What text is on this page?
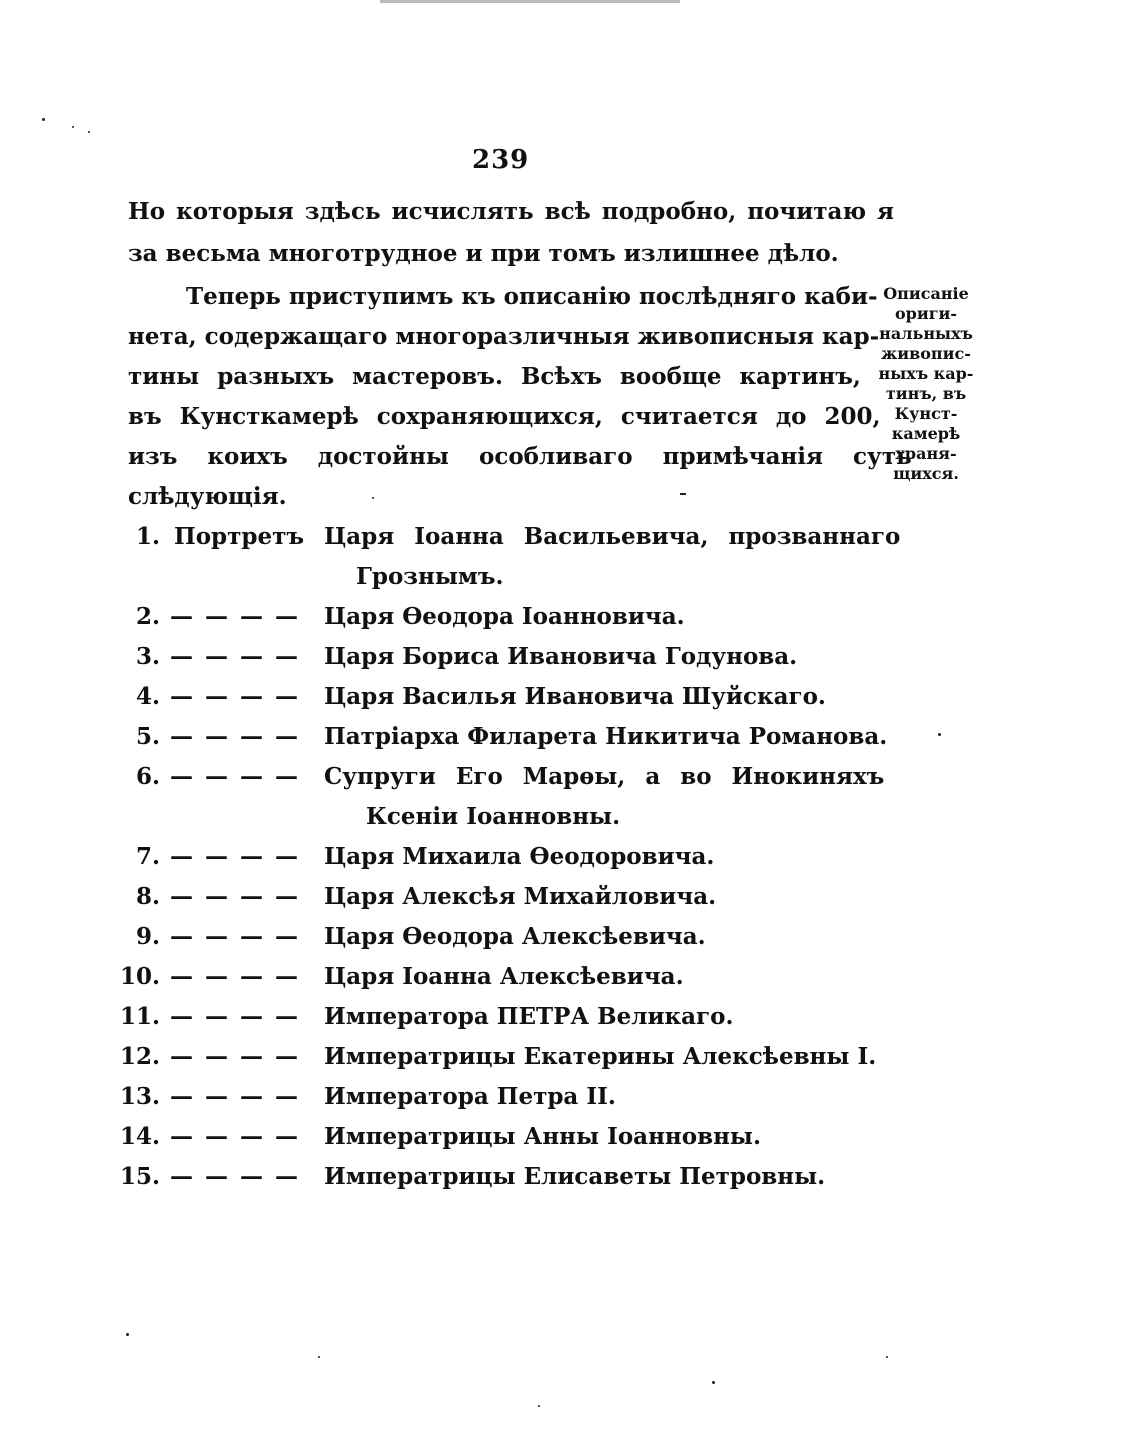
239
Но которыя здѣсь исчислять всѣ подробно, почитаю я
за весьма многотрудное и при томъ излишнее дѣло.
Теперь приступимъ къ описанію послѣдняго каби-
нета, содержащаго многоразличныя живописныя кар-
тины разныхъ мастеровъ. Всѣхъ вообще картинъ,
въ Кунсткамерѣ сохраняющихся, считается до 200,
изъ коихъ достойны особливаго примѣчанія суть
слѣдующія.
Описаніе
ориги-
нальныхъ
живопис-
ныхъ кар-
тинъ, въ
Кунст-
камерѣ
храня-
щихся.
1. Портретъ Царя Іоанна Васильевича, прозваннаго
Грознымъ.
2. — — — — Царя Ѳеодора Іоанновича.
3. — — — — Царя Бориса Ивановича Годунова.
4. — — — — Царя Василья Ивановича Шуйскаго.
5. — — — — Патріарха Филарета Никитича Романова.
6. — — — — Супруги Его Марѳы, а во Инокиняхъ
Ксеніи Іоанновны.
7. — — — — Царя Михаила Ѳеодоровича.
8. — — — — Царя Алексѣя Михайловича.
9. — — — — Царя Ѳеодора Алексѣевича.
10. — — — — Царя Іоанна Алексѣевича.
11. — — — — Императора ПЕТРА Великаго.
12. — — — — Императрицы Екатерины Алексѣевны I.
13. — — — — Императора Петра II.
14. — — — — Императрицы Анны Іоанновны.
15. — — — — Императрицы Елисаветы Петровны.
